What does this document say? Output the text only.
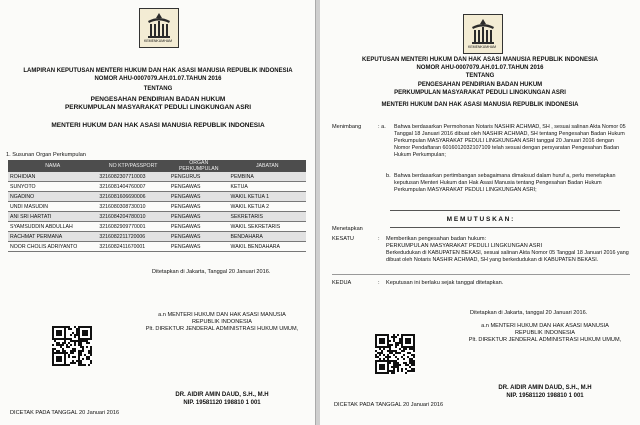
KEMENKUMHAM
LAMPIRAN KEPUTUSAN MENTERI HUKUM DAN HAK ASASI MANUSIA REPUBLIK INDONESIA
NOMOR AHU-0007079.AH.01.07.TAHUN 2016
TENTANG
PENGESAHAN PENDIRIAN BADAN HUKUM
PERKUMPULAN MASYARAKAT PEDULI LINGKUNGAN ASRI
MENTERI HUKUM DAN HAK ASASI MANUSIA REPUBLIK INDONESIA
1. Susunan Organ Perkumpulan
NAMA	NO KTP/PASSPORT	ORGAN PERKUMPULAN	JABATAN
ROHIDIAN	3216082307710003	PENGURUS	PEMBINA
SUNYOTO	3216081404760007	PENGAWAS	KETUA
NGADINO	3216081606690006	PENGAWAS	WAKIL KETUA 1
UNDI MASUDIN	3216080308730010	PENGAWAS	WAKIL KETUA 2
ANI SRI HARTATI	3216084204780010	PENGAWAS	SEKRETARIS
SYAMSUDDIN ABDULLAH	3216082909770001	PENGAWAS	WAKIL SEKRETARIS
RACHMAT PERMANA	3216082211720006	PENGAWAS	BENDAHARA
NOOR CHOLIS ADRIYANTO	3216082411670001	PENGAWAS	WAKIL BENDAHARA
Ditetapkan di Jakarta, Tanggal 20 Januari 2016.
a.n MENTERI HUKUM DAN HAK ASASI MANUSIA
REPUBLIK INDONESIA
Plt. DIREKTUR JENDERAL ADMINISTRASI HUKUM UMUM,
DR. AIDIR AMIN DAUD, S.H., M.H
NIP. 19581120 198810 1 001
DICETAK PADA TANGGAL 20 Januari 2016
KEMENKUMHAM
KEPUTUSAN MENTERI HUKUM DAN HAK ASASI MANUSIA REPUBLIK INDONESIA
NOMOR AHU-0007079.AH.01.07.TAHUN 2016
TENTANG
PENGESAHAN PENDIRIAN BADAN HUKUM
PERKUMPULAN MASYARAKAT PEDULI LINGKUNGAN ASRI
MENTERI HUKUM DAN HAK ASASI MANUSIA REPUBLIK INDONESIA
Menimbang	: a. Bahwa berdasarkan Permohonan Notaris NASHIR ACHMAD, SH , sesuai salinan Akta Nomor 05 Tanggal 18 Januari 2016 dibuat oleh NASHIR ACHMAD, SH tentang Pengesahan Badan Hukum Perkumpulan MASYARAKAT PEDULI LINGKUNGAN ASRI tanggal 20 Januari 2016 dengan Nomor Pendaftaran 6016012032107109 telah sesuai dengan persyaratan Pengesahan Badan Hukum Perkumpulan;
b. Bahwa berdasarkan pertimbangan sebagaimana dimaksud dalam huruf a, perlu menetapkan keputusan Menteri Hukum dan Hak Asasi Manusia tentang Pengesahan Badan Hukum Perkumpulan MASYARAKAT PEDULI LINGKUNGAN ASRI;
M E M U T U S K A N :
Menetapkan
KESATU	: Memberikan pengesahan badan hukum:
PERKUMPULAN MASYARAKAT PEDULI LINGKUNGAN ASRI
Berkedudukan di KABUPATEN BEKASI, sesuai salinan Akta Nomor 05 Tanggal 18 Januari 2016 yang dibuat oleh Notaris NASHIR ACHMAD, SH yang berkedudukan di KABUPATEN BEKASI.
KEDUA	: Keputusan ini berlaku sejak tanggal ditetapkan.
Ditetapkan di Jakarta, tanggal 20 Januari 2016.
a.n MENTERI HUKUM DAN HAK ASASI MANUSIA
REPUBLIK INDONESIA
Plt. DIREKTUR JENDERAL ADMINISTRASI HUKUM UMUM,
DR. AIDIR AMIN DAUD, S.H., M.H
NIP. 19581120 198810 1 001
DICETAK PADA TANGGAL 20 Januari 2016
